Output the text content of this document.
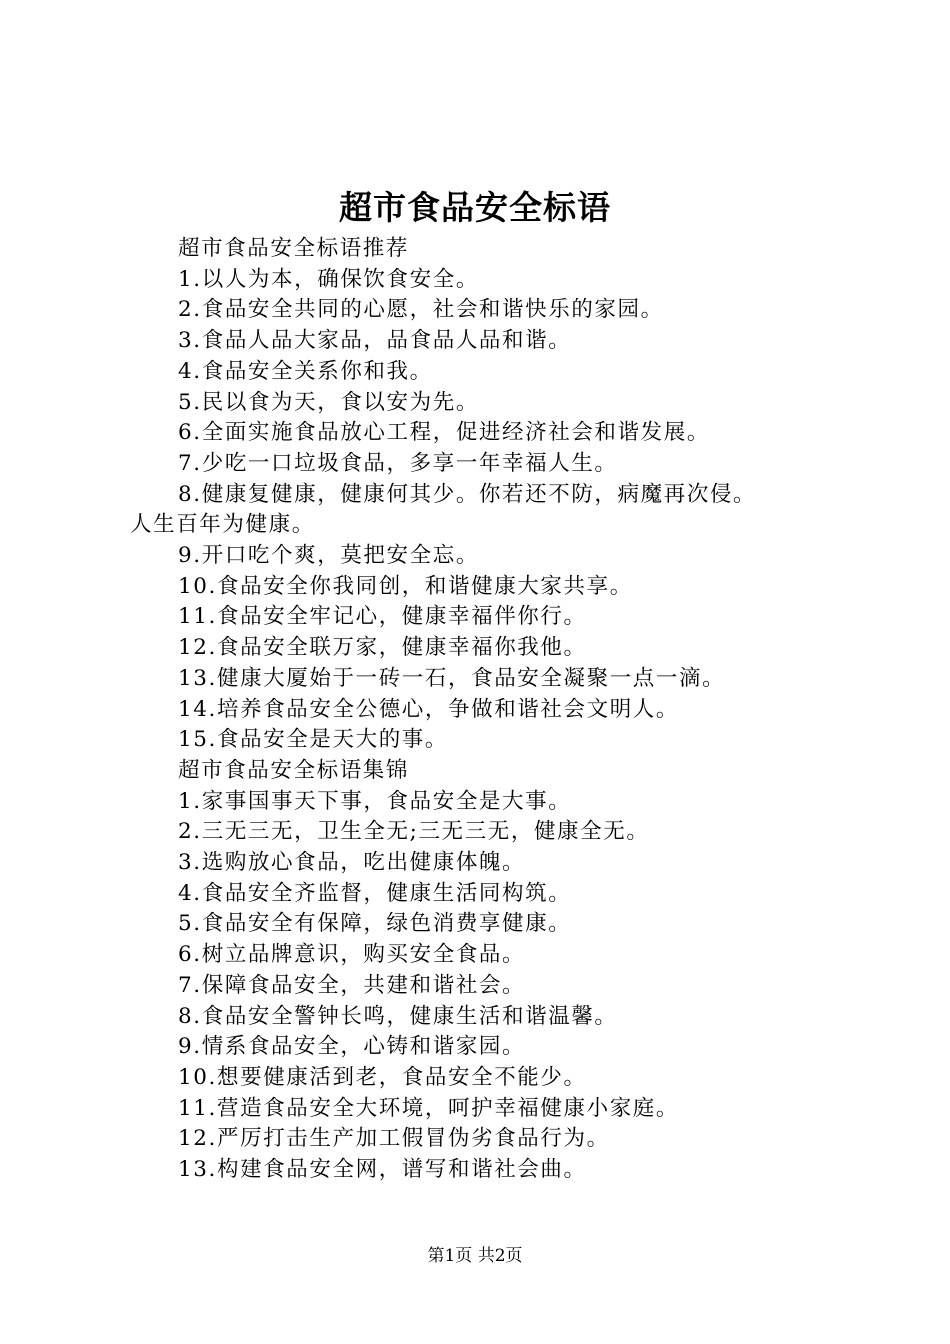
超市食品安全标语
超市食品安全标语推荐
1.以人为本，确保饮食安全。
2.食品安全共同的心愿，社会和谐快乐的家园。
3.食品人品大家品，品食品人品和谐。
4.食品安全关系你和我。
5.民以食为天，食以安为先。
6.全面实施食品放心工程，促进经济社会和谐发展。
7.少吃一口垃圾食品，多享一年幸福人生。
8.健康复健康，健康何其少。你若还不防，病魔再次侵。
人生百年为健康。
9.开口吃个爽，莫把安全忘。
10.食品安全你我同创，和谐健康大家共享。
11.食品安全牢记心，健康幸福伴你行。
12.食品安全联万家，健康幸福你我他。
13.健康大厦始于一砖一石，食品安全凝聚一点一滴。
14.培养食品安全公德心，争做和谐社会文明人。
15.食品安全是天大的事。
超市食品安全标语集锦
1.家事国事天下事，食品安全是大事。
2.三无三无，卫生全无;三无三无，健康全无。
3.选购放心食品，吃出健康体魄。
4.食品安全齐监督，健康生活同构筑。
5.食品安全有保障，绿色消费享健康。
6.树立品牌意识，购买安全食品。
7.保障食品安全，共建和谐社会。
8.食品安全警钟长鸣，健康生活和谐温馨。
9.情系食品安全，心铸和谐家园。
10.想要健康活到老，食品安全不能少。
11.营造食品安全大环境，呵护幸福健康小家庭。
12.严厉打击生产加工假冒伪劣食品行为。
13.构建食品安全网，谱写和谐社会曲。
第1页 共2页
